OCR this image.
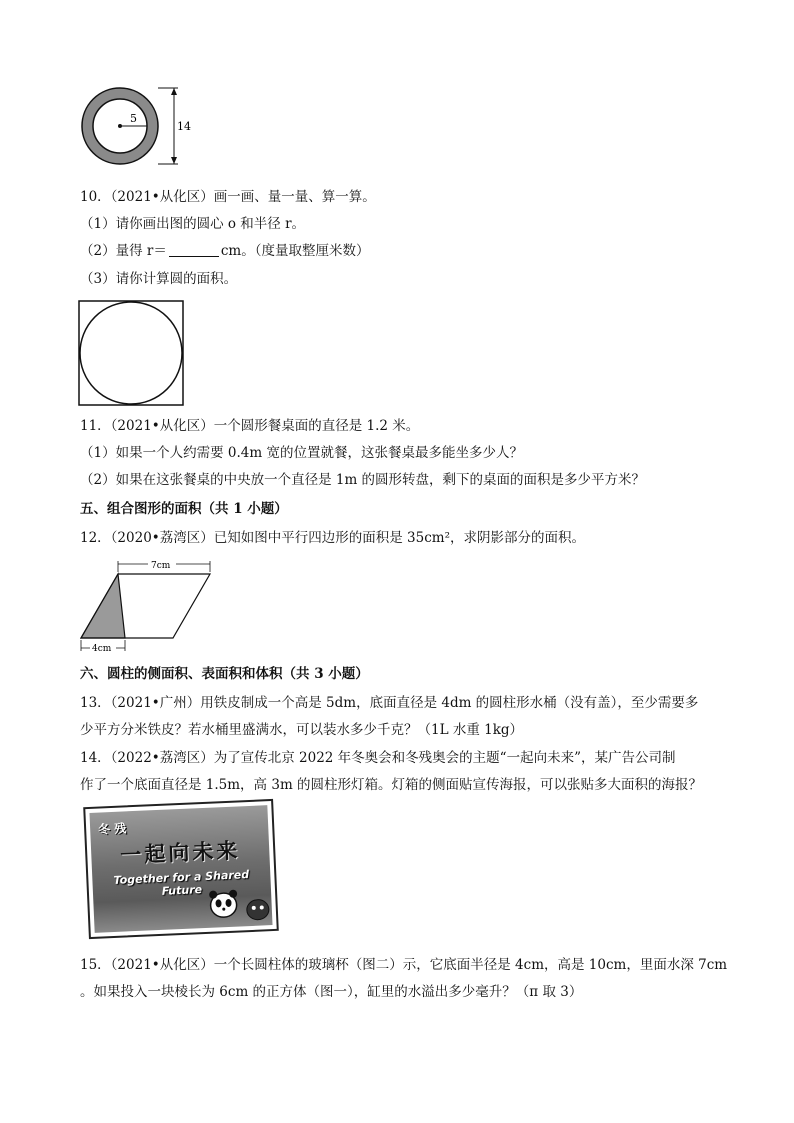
5
14
10．（2021•从化区）画一画、量一量、算一算。
（1）请你画出图的圆心 o 和半径 r。
（2）量得 r＝	cm。（度量取整厘米数）
（3）请你计算圆的面积。
11．（2021•从化区）一个圆形餐桌面的直径是 1.2 米。
（1）如果一个人约需要 0.4m 宽的位置就餐，这张餐桌最多能坐多少人？
（2）如果在这张餐桌的中央放一个直径是 1m 的圆形转盘，剩下的桌面的面积是多少平方米？
五、组合图形的面积（共 1 小题）
12．（2020•荔湾区）已知如图中平行四边形的面积是 35cm²，求阴影部分的面积。
7cm
4cm
六、圆柱的侧面积、表面积和体积（共 3 小题）
13．（2021•广州）用铁皮制成一个高是 5dm，底面直径是 4dm 的圆柱形水桶（没有盖），至少需要多
少平方分米铁皮？若水桶里盛满水，可以装水多少千克？（1L 水重 1kg）
14．（2022•荔湾区）为了宣传北京 2022 年冬奥会和冬残奥会的主题“一起向未来”，某广告公司制
作了一个底面直径是 1.5m，高 3m 的圆柱形灯箱。灯箱的侧面贴宣传海报，可以张贴多大面积的海报？
冬 残
一起向未来
Together for a Shared Future
15．（2021•从化区）一个长圆柱体的玻璃杯（图二）示，它底面半径是 4cm，高是 10cm，里面水深 7cm
。如果投入一块棱长为 6cm 的正方体（图一），缸里的水溢出多少毫升？（π 取 3）
